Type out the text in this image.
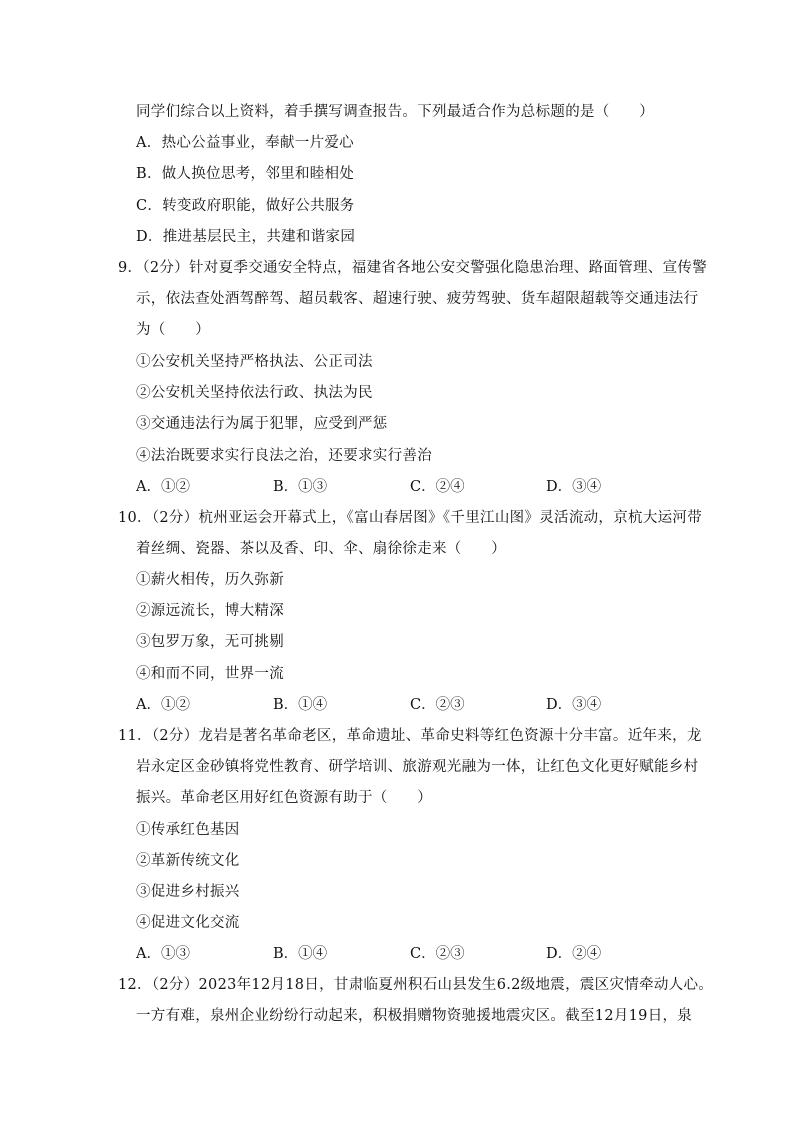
同学们综合以上资料，着手撰写调查报告。下列最适合作为总标题的是（　　）
A．热心公益事业，奉献一片爱心
B．做人换位思考，邻里和睦相处
C．转变政府职能，做好公共服务
D．推进基层民主，共建和谐家园
9．（2分）针对夏季交通安全特点，福建省各地公安交警强化隐患治理、路面管理、宣传警
示，依法查处酒驾醉驾、超员载客、超速行驶、疲劳驾驶、货车超限超载等交通违法行
为（　　）
①公安机关坚持严格执法、公正司法
②公安机关坚持依法行政、执法为民
③交通违法行为属于犯罪，应受到严惩
④法治既要求实行良法之治，还要求实行善治
A．①②	B．①③	C．②④	D．③④
10．（2分）杭州亚运会开幕式上，《富山春居图》《千里江山图》灵活流动，京杭大运河带
着丝绸、瓷器、茶以及香、印、伞、扇徐徐走来（　　）
①薪火相传，历久弥新
②源远流长，博大精深
③包罗万象，无可挑剔
④和而不同，世界一流
A．①②	B．①④	C．②③	D．③④
11．（2分）龙岩是著名革命老区，革命遗址、革命史料等红色资源十分丰富。近年来，龙
岩永定区金砂镇将党性教育、研学培训、旅游观光融为一体，让红色文化更好赋能乡村
振兴。革命老区用好红色资源有助于（　　）
①传承红色基因
②革新传统文化
③促进乡村振兴
④促进文化交流
A．①③	B．①④	C．②③	D．②④
12．（2分）2023年12月18日，甘肃临夏州积石山县发生6.2级地震，震区灾情牵动人心。
一方有难，泉州企业纷纷行动起来，积极捐赠物资驰援地震灾区。截至12月19日，泉
